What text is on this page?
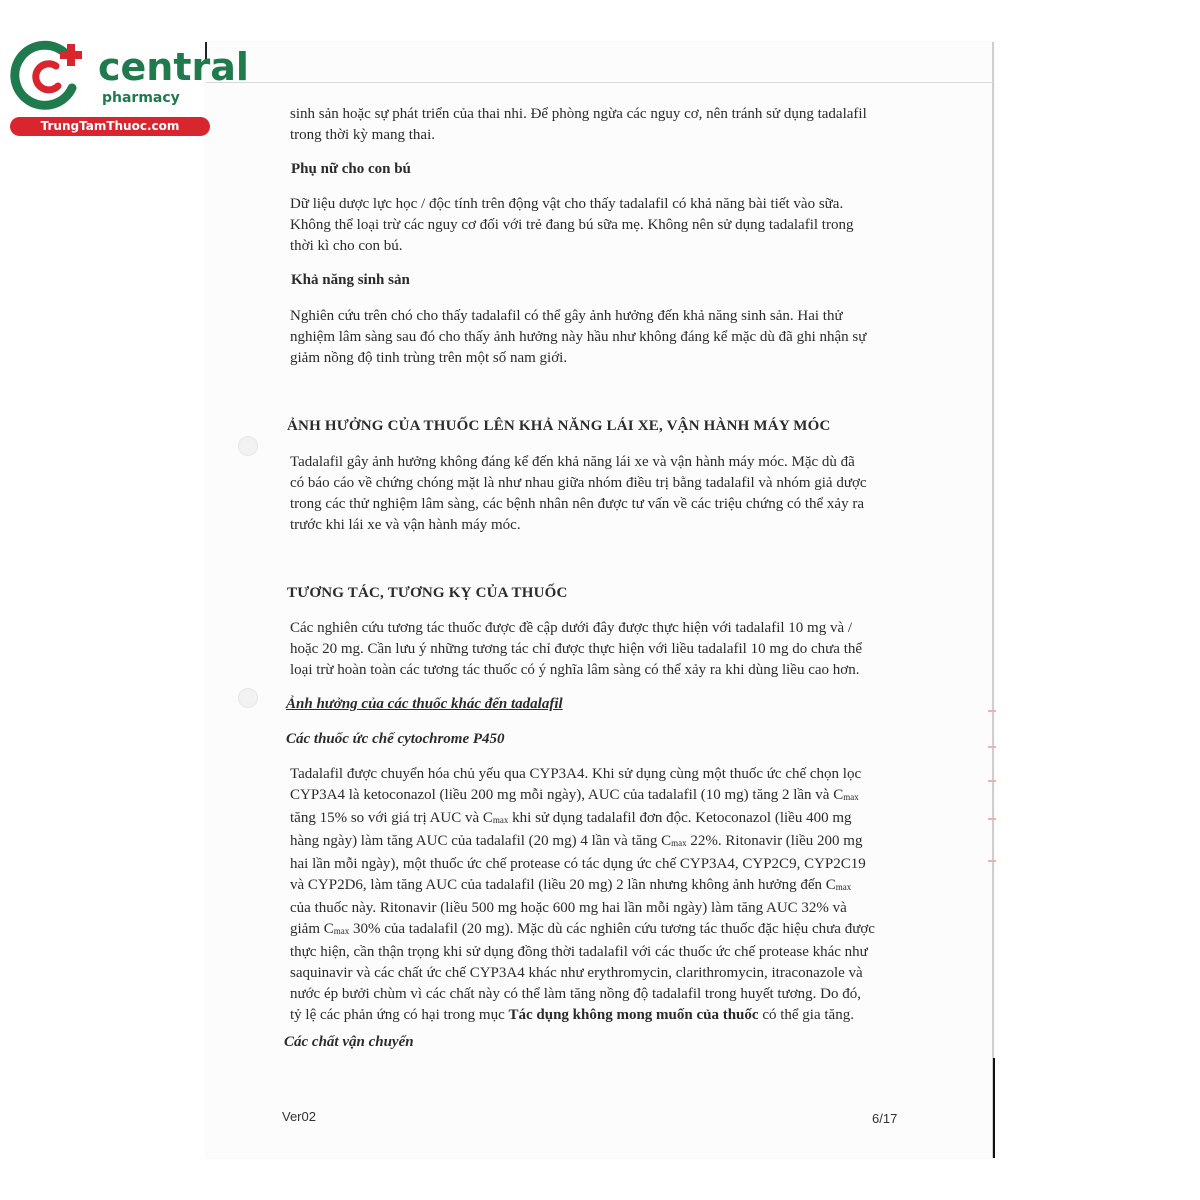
central
pharmacy
TrungTamThuoc.com
sinh sản hoặc sự phát triển của thai nhi. Để phòng ngừa các nguy cơ, nên tránh sử dụng tadalafil
trong thời kỳ mang thai.
Phụ nữ cho con bú
Dữ liệu dược lực học / độc tính trên động vật cho thấy tadalafil có khả năng bài tiết vào sữa.
Không thể loại trừ các nguy cơ đối với trẻ đang bú sữa mẹ. Không nên sử dụng tadalafil trong
thời kì cho con bú.
Khả năng sinh sản
Nghiên cứu trên chó cho thấy tadalafil có thể gây ảnh hưởng đến khả năng sinh sản. Hai thử
nghiệm lâm sàng sau đó cho thấy ảnh hưởng này hầu như không đáng kể mặc dù đã ghi nhận sự
giảm nồng độ tinh trùng trên một số nam giới.
ẢNH HƯỞNG CỦA THUỐC LÊN KHẢ NĂNG LÁI XE, VẬN HÀNH MÁY MÓC
Tadalafil gây ảnh hưởng không đáng kể đến khả năng lái xe và vận hành máy móc. Mặc dù đã
có báo cáo về chứng chóng mặt là như nhau giữa nhóm điều trị bằng tadalafil và nhóm giả dược
trong các thử nghiệm lâm sàng, các bệnh nhân nên được tư vấn về các triệu chứng có thể xảy ra
trước khi lái xe và vận hành máy móc.
TƯƠNG TÁC, TƯƠNG KỴ CỦA THUỐC
Các nghiên cứu tương tác thuốc được đề cập dưới đây được thực hiện với tadalafil 10 mg và /
hoặc 20 mg. Cần lưu ý những tương tác chỉ được thực hiện với liều tadalafil 10 mg do chưa thể
loại trừ hoàn toàn các tương tác thuốc có ý nghĩa lâm sàng có thể xảy ra khi dùng liều cao hơn.
Ảnh hưởng của các thuốc khác đến tadalafil
Các thuốc ức chế cytochrome P450
Tadalafil được chuyển hóa chủ yếu qua CYP3A4. Khi sử dụng cùng một thuốc ức chế chọn lọc
CYP3A4 là ketoconazol (liều 200 mg mỗi ngày), AUC của tadalafil (10 mg) tăng 2 lần và $C_{max}$
tăng 15% so với giá trị AUC và $C_{max}$ khi sử dụng tadalafil đơn độc. Ketoconazol (liều 400 mg
hàng ngày) làm tăng AUC của tadalafil (20 mg) 4 lần và tăng $C_{max}$ 22%. Ritonavir (liều 200 mg
hai lần mỗi ngày), một thuốc ức chế protease có tác dụng ức chế CYP3A4, CYP2C9, CYP2C19
và CYP2D6, làm tăng AUC của tadalafil (liều 20 mg) 2 lần nhưng không ảnh hưởng đến $C_{max}$
của thuốc này. Ritonavir (liều 500 mg hoặc 600 mg hai lần mỗi ngày) làm tăng AUC 32% và
giảm $C_{max}$ 30% của tadalafil (20 mg). Mặc dù các nghiên cứu tương tác thuốc đặc hiệu chưa được
thực hiện, cần thận trọng khi sử dụng đồng thời tadalafil với các thuốc ức chế protease khác như
saquinavir và các chất ức chế CYP3A4 khác như erythromycin, clarithromycin, itraconazole và
nước ép bưởi chùm vì các chất này có thể làm tăng nồng độ tadalafil trong huyết tương. Do đó,
tỷ lệ các phản ứng có hại trong mục Tác dụng không mong muốn của thuốc có thể gia tăng.
Các chất vận chuyển
Ver02	6/17
